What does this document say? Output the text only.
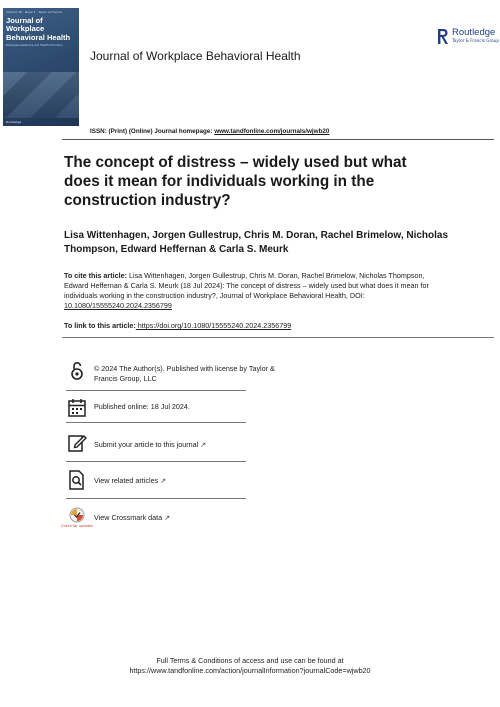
Volume 39 · Issue 3 · Taylor & Francis
Journal of Workplace Behavioral Health
Employee Assistance and Health Promotion
Routledge
Journal of Workplace Behavioral Health
Routledge
Taylor & Francis Group
ISSN: (Print) (Online) Journal homepage: www.tandfonline.com/journals/wjwb20
The concept of distress – widely used but what does it mean for individuals working in the construction industry?
Lisa Wittenhagen, Jorgen Gullestrup, Chris M. Doran, Rachel Brimelow, Nicholas Thompson, Edward Heffernan & Carla S. Meurk
To cite this article: Lisa Wittenhagen, Jorgen Gullestrup, Chris M. Doran, Rachel Brimelow, Nicholas Thompson, Edward Heffernan & Carla S. Meurk (18 Jul 2024): The concept of distress – widely used but what does it mean for individuals working in the construction industry?, Journal of Workplace Behavioral Health, DOI: 10.1080/15555240.2024.2356799
To link to this article: https://doi.org/10.1080/15555240.2024.2356799
© 2024 The Author(s). Published with license by Taylor & Francis Group, LLC
Published online: 18 Jul 2024.
Submit your article to this journal ↗
View related articles ↗
Check for updates
View Crossmark data ↗
Full Terms & Conditions of access and use can be found at
https://www.tandfonline.com/action/journalInformation?journalCode=wjwb20
